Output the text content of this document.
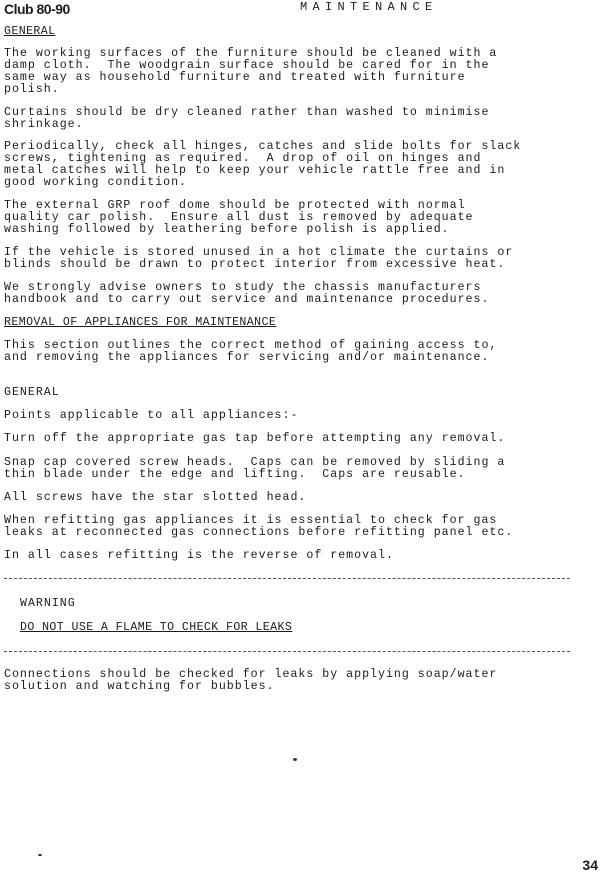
Club 80-90	MAINTENANCE
GENERAL

The working surfaces of the furniture should be cleaned with a
damp cloth.  The woodgrain surface should be cared for in the
same way as household furniture and treated with furniture
polish.

Curtains should be dry cleaned rather than washed to minimise
shrinkage.

Periodically, check all hinges, catches and slide bolts for slack
screws, tightening as required.  A drop of oil on hinges and
metal catches will help to keep your vehicle rattle free and in
good working condition.

The external GRP roof dome should be protected with normal
quality car polish.  Ensure all dust is removed by adequate
washing followed by leathering before polish is applied.

If the vehicle is stored unused in a hot climate the curtains or
blinds should be drawn to protect interior from excessive heat.

We strongly advise owners to study the chassis manufacturers
handbook and to carry out service and maintenance procedures.

REMOVAL OF APPLIANCES FOR MAINTENANCE

This section outlines the correct method of gaining access to,
and removing the appliances for servicing and/or maintenance.

GENERAL

Points applicable to all appliances:-

Turn off the appropriate gas tap before attempting any removal.

Snap cap covered screw heads.  Caps can be removed by sliding a
thin blade under the edge and lifting.  Caps are reusable.

All screws have the star slotted head.

When refitting gas appliances it is essential to check for gas
leaks at reconnected gas connections before refitting panel etc.

In all cases refitting is the reverse of removal.

WARNING

DO NOT USE A FLAME TO CHECK FOR LEAKS

Connections should be checked for leaks by applying soap/water
solution and watching for bubbles.

34
